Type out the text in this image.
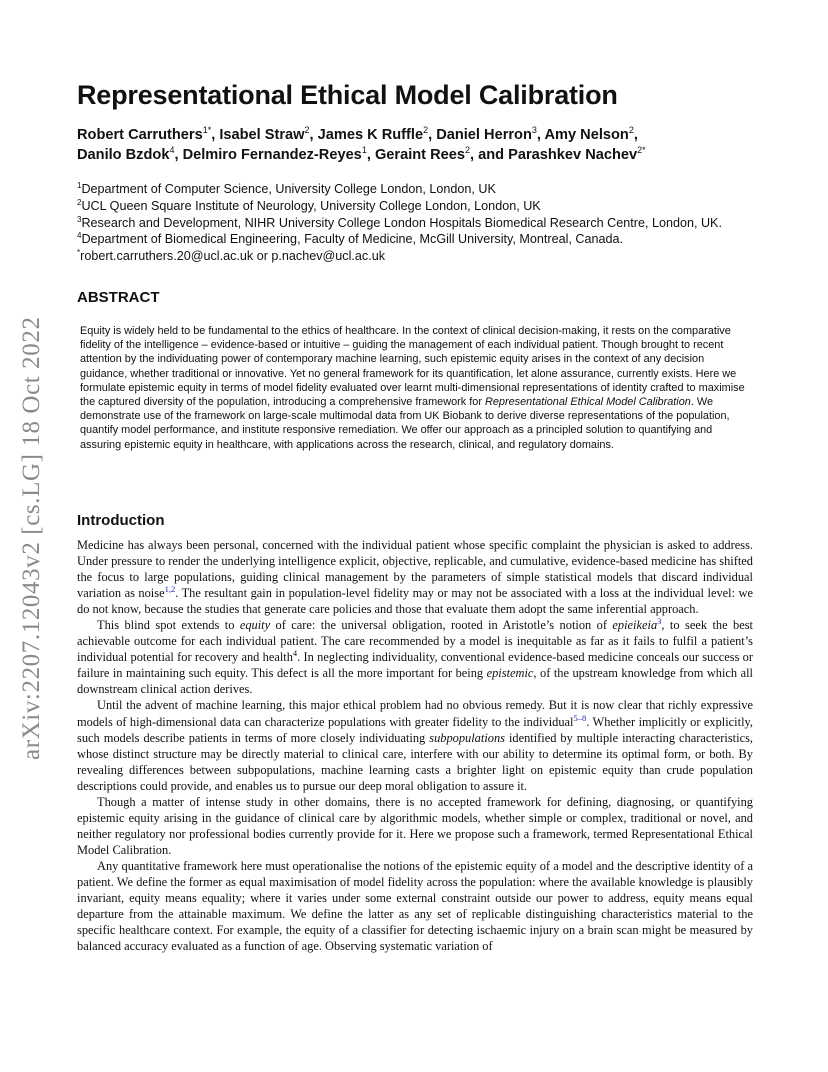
arXiv:2207.12043v2 [cs.LG] 18 Oct 2022
Representational Ethical Model Calibration
Robert Carruthers$^{1*}$, Isabel Straw$^2$, James K Ruffle$^2$, Daniel Herron$^3$, Amy Nelson$^2$,
Danilo Bzdok$^4$, Delmiro Fernandez-Reyes$^1$, Geraint Rees$^2$, and Parashkev Nachev$^{2*}$
$^1$Department of Computer Science, University College London, London, UK
$^2$UCL Queen Square Institute of Neurology, University College London, London, UK
$^3$Research and Development, NIHR University College London Hospitals Biomedical Research Centre, London, UK.
$^4$Department of Biomedical Engineering, Faculty of Medicine, McGill University, Montreal, Canada.
*robert.carruthers.20@ucl.ac.uk or p.nachev@ucl.ac.uk
ABSTRACT

Equity is widely held to be fundamental to the ethics of healthcare. In the context of clinical decision-making, it rests on the comparative fidelity of the intelligence – evidence-based or intuitive – guiding the management of each individual patient. Though brought to recent attention by the individuating power of contemporary machine learning, such epistemic equity arises in the context of any decision guidance, whether traditional or innovative. Yet no general framework for its quantification, let alone assurance, currently exists. Here we formulate epistemic equity in terms of model fidelity evaluated over learnt multi-dimensional representations of identity crafted to maximise the captured diversity of the population, introducing a comprehensive framework for Representational Ethical Model Calibration. We demonstrate use of the framework on large-scale multimodal data from UK Biobank to derive diverse representations of the population, quantify model performance, and institute responsive remediation. We offer our approach as a principled solution to quantifying and assuring epistemic equity in healthcare, with applications across the research, clinical, and regulatory domains.

Introduction

Medicine has always been personal, concerned with the individual patient whose specific complaint the physician is asked to address. Under pressure to render the underlying intelligence explicit, objective, replicable, and cumulative, evidence-based medicine has shifted the focus to large populations, guiding clinical management by the parameters of simple statistical models that discard individual variation as noise$^{1,2}$. The resultant gain in population-level fidelity may or may not be associated with a loss at the individual level: we do not know, because the studies that generate care policies and those that evaluate them adopt the same inferential approach.

This blind spot extends to equity of care: the universal obligation, rooted in Aristotle’s notion of epieikeia$^3$, to seek the best achievable outcome for each individual patient. The care recommended by a model is inequitable as far as it fails to fulfil a patient’s individual potential for recovery and health$^4$. In neglecting individuality, conventional evidence-based medicine conceals our success or failure in maintaining such equity. This defect is all the more important for being epistemic, of the upstream knowledge from which all downstream clinical action derives.

Until the advent of machine learning, this major ethical problem had no obvious remedy. But it is now clear that richly expressive models of high-dimensional data can characterize populations with greater fidelity to the individual$^{5-8}$. Whether implicitly or explicitly, such models describe patients in terms of more closely individuating subpopulations identified by multiple interacting characteristics, whose distinct structure may be directly material to clinical care, interfere with our ability to determine its optimal form, or both. By revealing differences between subpopulations, machine learning casts a brighter light on epistemic equity than crude population descriptions could provide, and enables us to pursue our deep moral obligation to assure it.

Though a matter of intense study in other domains, there is no accepted framework for defining, diagnosing, or quantifying epistemic equity arising in the guidance of clinical care by algorithmic models, whether simple or complex, traditional or novel, and neither regulatory nor professional bodies currently provide for it. Here we propose such a framework, termed Representational Ethical Model Calibration.

Any quantitative framework here must operationalise the notions of the epistemic equity of a model and the descriptive identity of a patient. We define the former as equal maximisation of model fidelity across the population: where the available knowledge is plausibly invariant, equity means equality; where it varies under some external constraint outside our power to address, equity means equal departure from the attainable maximum. We define the latter as any set of replicable distinguishing characteristics material to the specific healthcare context. For example, the equity of a classifier for detecting ischaemic injury on a brain scan might be measured by balanced accuracy evaluated as a function of age. Observing systematic variation of
